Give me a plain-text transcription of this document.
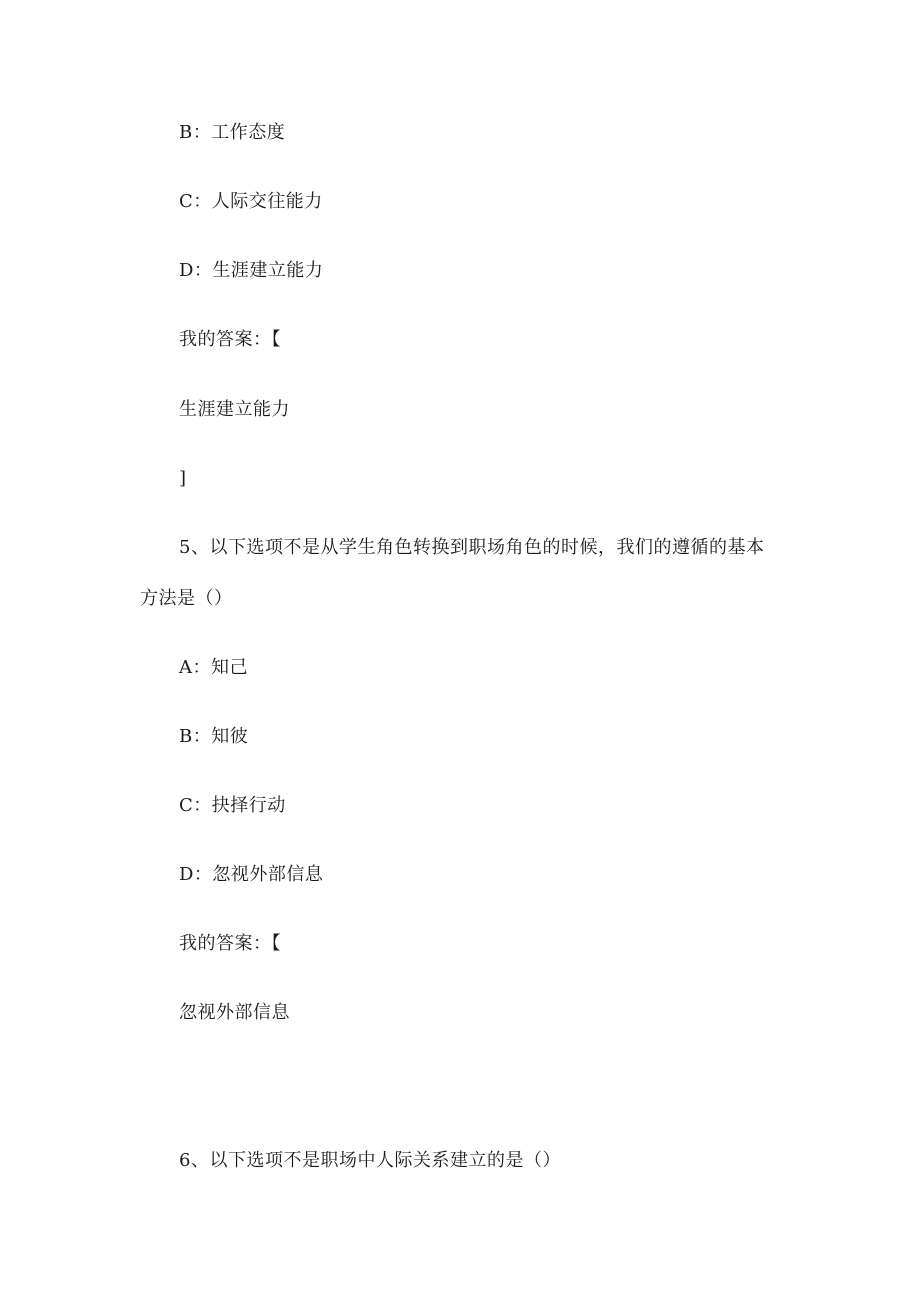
B：工作态度
C：人际交往能力
D：生涯建立能力
我的答案：【
生涯建立能力
]
5、以下选项不是从学生角色转换到职场角色的时候，我们的遵循的基本
方法是（）
A：知己
B：知彼
C：抉择行动
D：忽视外部信息
我的答案：【
忽视外部信息
6、以下选项不是职场中人际关系建立的是（）
